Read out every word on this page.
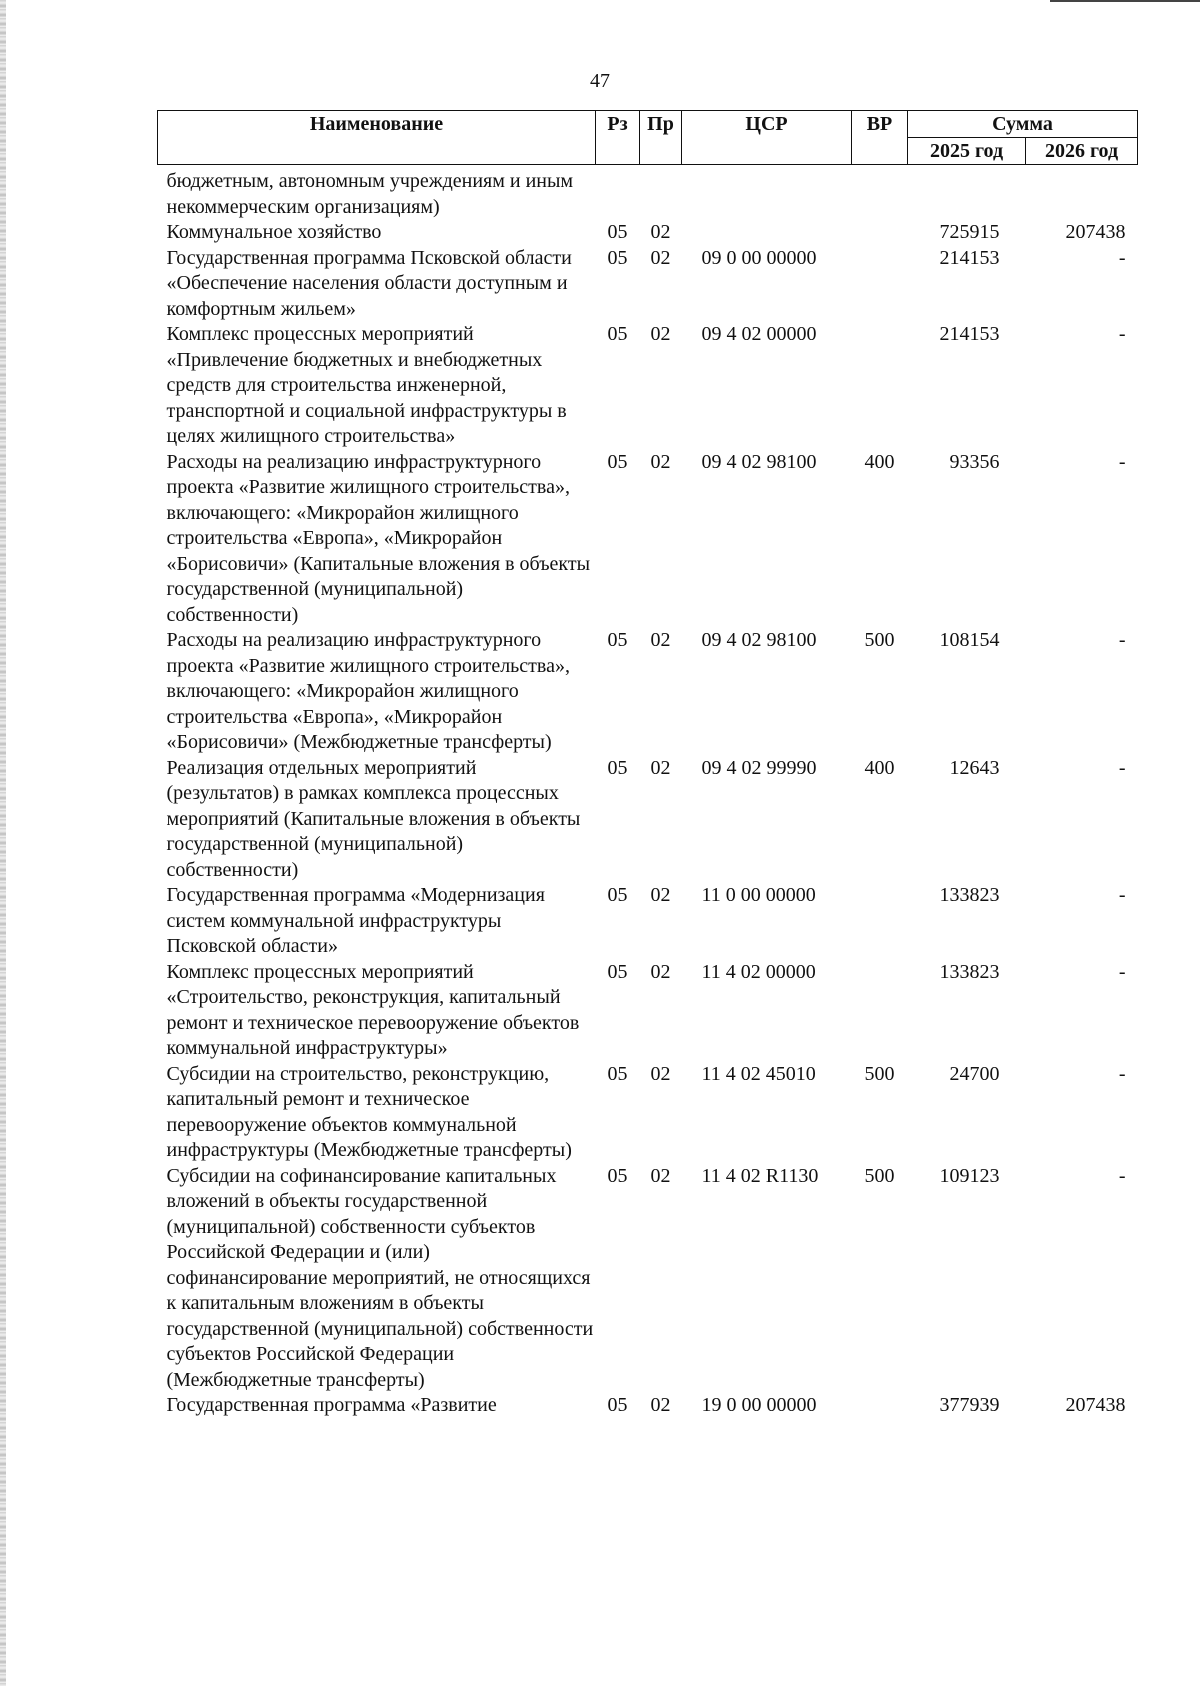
47
Наименование	Рз	Пр	ЦСР	ВР	Сумма	
					2025 год	2026 год
бюджетным, автономным учреждениям и иным некоммерческим организациям)						
Коммунальное хозяйство	05	02			725915	207438
Государственная программа Псковской области «Обеспечение населения области доступным и комфортным жильем»	05	02	09 0 00 00000		214153	-
Комплекс процессных мероприятий «Привлечение бюджетных и внебюджетных средств для строительства инженерной, транспортной и социальной инфраструктуры в целях жилищного строительства»	05	02	09 4 02 00000		214153	-
Расходы на реализацию инфраструктурного проекта «Развитие жилищного строительства», включающего: «Микрорайон жилищного строительства «Европа», «Микрорайон «Борисовичи» (Капитальные вложения в объекты государственной (муниципальной) собственности)	05	02	09 4 02 98100	400	93356	-
Расходы на реализацию инфраструктурного проекта «Развитие жилищного строительства», включающего: «Микрорайон жилищного строительства «Европа», «Микрорайон «Борисовичи» (Межбюджетные трансферты)	05	02	09 4 02 98100	500	108154	-
Реализация отдельных мероприятий (результатов) в рамках комплекса процессных мероприятий (Капитальные вложения в объекты государственной (муниципальной) собственности)	05	02	09 4 02 99990	400	12643	-
Государственная программа «Модернизация систем коммунальной инфраструктуры Псковской области»	05	02	11 0 00 00000		133823	-
Комплекс процессных мероприятий «Строительство, реконструкция, капитальный ремонт и техническое перевооружение объектов коммунальной инфраструктуры»	05	02	11 4 02 00000		133823	-
Субсидии на строительство, реконструкцию, капитальный ремонт и техническое перевооружение объектов коммунальной инфраструктуры (Межбюджетные трансферты)	05	02	11 4 02 45010	500	24700	-
Субсидии на софинансирование капитальных вложений в объекты государственной (муниципальной) собственности субъектов Российской Федерации и (или) софинансирование мероприятий, не относящихся к капитальным вложениям в объекты государственной (муниципальной) собственности субъектов Российской Федерации (Межбюджетные трансферты)	05	02	11 4 02 R1130	500	109123	-
Государственная программа «Развитие	05	02	19 0 00 00000		377939	207438
